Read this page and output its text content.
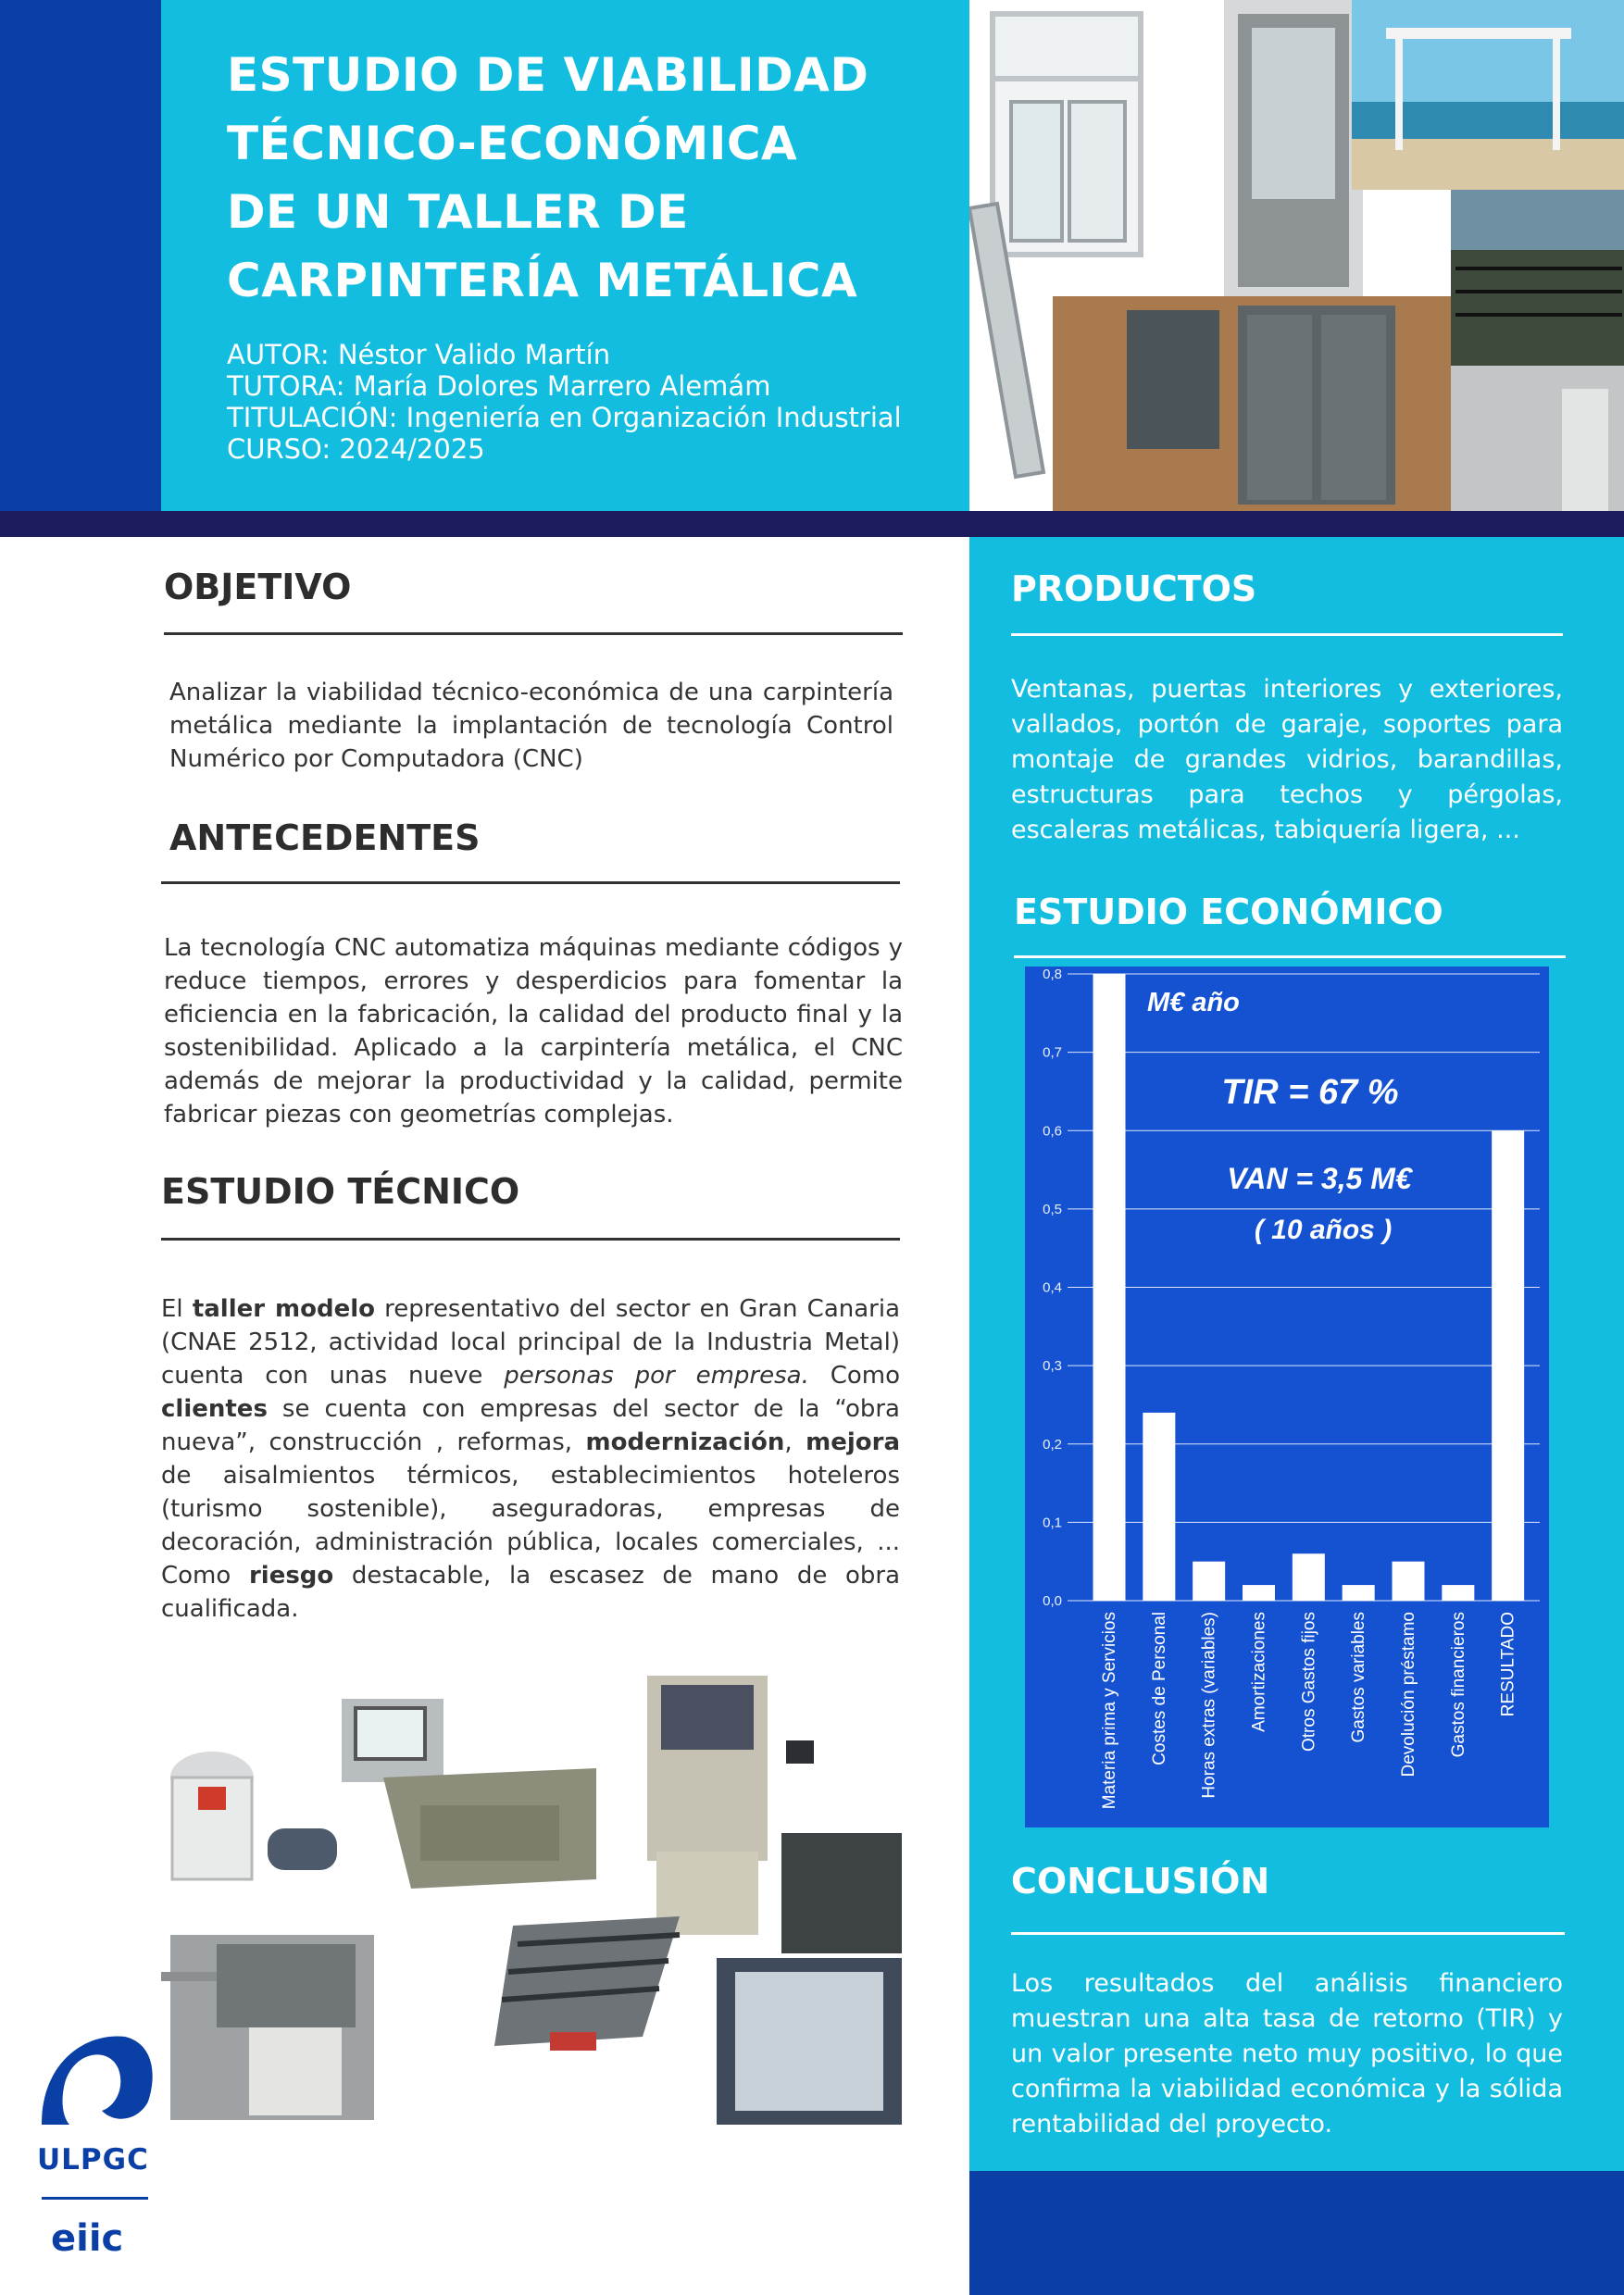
ESTUDIO DE VIABILIDAD
TÉCNICO-ECONÓMICA
DE UN TALLER DE
CARPINTERÍA METÁLICA
AUTOR: Néstor Valido Martín
TUTORA: María Dolores Marrero Alemám
TITULACIÓN: Ingeniería en Organización Industrial
CURSO: 2024/2025
OBJETIVO
Analizar la viabilidad técnico-económica de una carpintería metálica mediante la implantación de tecnología Control Numérico por Computadora (CNC)
ANTECEDENTES
La tecnología CNC automatiza máquinas mediante códigos y reduce tiempos, errores y desperdicios para fomentar la eficiencia en la fabricación, la calidad del producto final y la sostenibilidad. Aplicado a la carpintería metálica, el CNC además de mejorar la productividad y la calidad, permite fabricar piezas con geometrías complejas.
ESTUDIO TÉCNICO
El taller modelo representativo del sector en Gran Canaria (CNAE 2512, actividad local principal de la Industria Metal) cuenta con unas nueve personas por empresa. Como clientes se cuenta con empresas del sector de la “obra nueva”, construcción , reformas, modernización, mejora de aisalmientos térmicos, establecimientos hoteleros (turismo sostenible), aseguradoras, empresas de decoración, administración pública, locales comerciales, ... Como riesgo destacable, la escasez de mano de obra cualificada.
ULPGC
eiic
PRODUCTOS
Ventanas, puertas interiores y exteriores, vallados, portón de garaje, soportes para montaje de grandes vidrios, barandillas, estructuras para techos y pérgolas, escaleras metálicas, tabiquería ligera, ...
ESTUDIO ECONÓMICO
0,0
0,1
0,2
0,3
0,4
0,5
0,6
0,7
0,8
Materia prima y Servicios Costes de Personal Horas extras (variables) Amortizaciones Otros Gastos fijos Gastos variables Devolución préstamo Gastos financieros RESULTADO
M€ año
TIR = 67 %
VAN = 3,5 M€
( 10 años )
CONCLUSIÓN
Los resultados del análisis financiero muestran una alta tasa de retorno (TIR) y un valor presente neto muy positivo, lo que confirma la viabilidad económica y la sólida rentabilidad del proyecto.
